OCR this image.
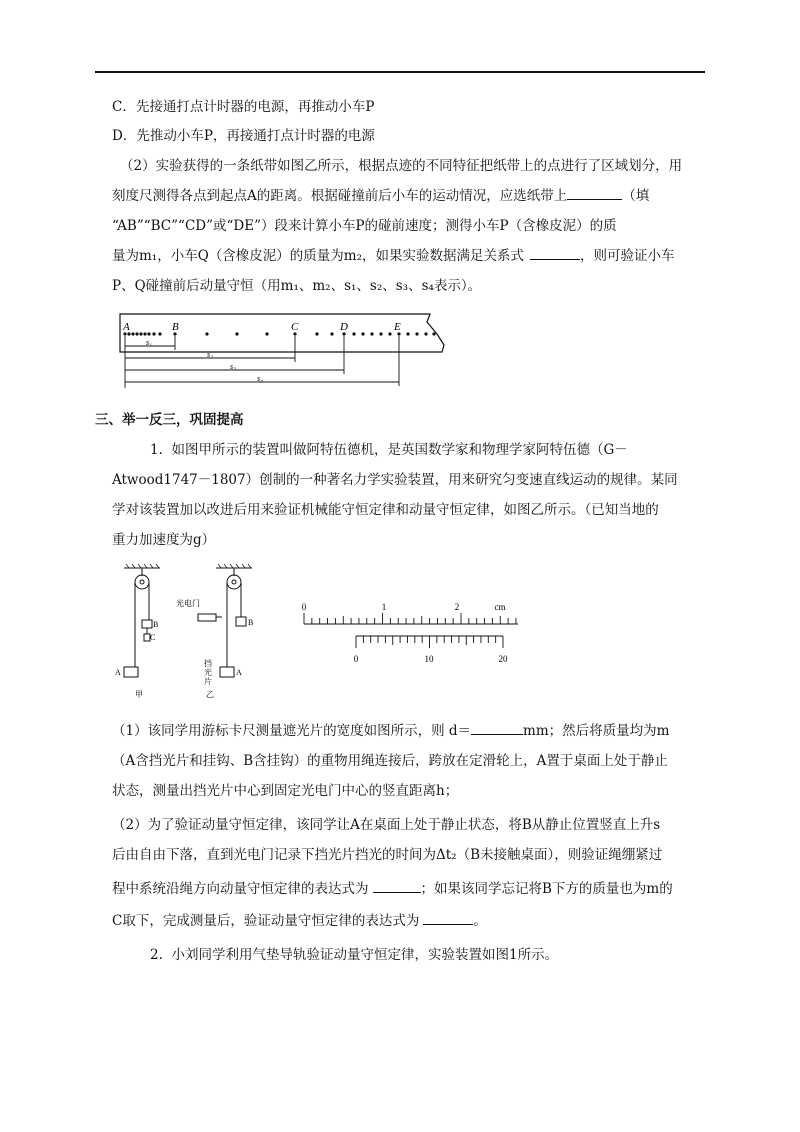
C．先接通打点计时器的电源，再推动小车P
D．先推动小车P，再接通打点计时器的电源
（2）实验获得的一条纸带如图乙所示，根据点迹的不同特征把纸带上的点进行了区域划分，用
刻度尺测得各点到起点A的距离。根据碰撞前后小车的运动情况，应选纸带上	（填
“AB”“BC”“CD”或“DE”）段来计算小车P的碰前速度；测得小车P（含橡皮泥）的质
量为m₁，小车Q（含橡皮泥）的质量为m₂，如果实验数据满足关系式	，则可验证小车
P、Q碰撞前后动量守恒（用m₁、m₂、s₁、s₂、s₃、s₄表示）。
A	B	C	D	E
s₁
s₂
s₃
s₄
三、举一反三，巩固提高
1. 如图甲所示的装置叫做阿特伍德机，是英国数学家和物理学家阿特伍德（G－
Atwood1747－1807）创制的一种著名力学实验装置，用来研究匀变速直线运动的规律。某同
学对该装置加以改进后用来验证机械能守恒定律和动量守恒定律，如图乙所示。（已知当地的
重力加速度为g）
B
C
A
甲
光电门
B
A
挡 光 片
乙
0	1	2	cm
0	10	20
（1）该同学用游标卡尺测量遮光片的宽度如图所示，则 d＝	mm；然后将质量均为m
（A含挡光片和挂钩、B含挂钩）的重物用绳连接后，跨放在定滑轮上，A置于桌面上处于静止
状态，测量出挡光片中心到固定光电门中心的竖直距离h；
（2）为了验证动量守恒定律，该同学让A在桌面上处于静止状态，将B从静止位置竖直上升s
后由自由下落，直到光电门记录下挡光片挡光的时间为Δt₂（B未接触桌面），则验证绳绷紧过
程中系统沿绳方向动量守恒定律的表达式为	；如果该同学忘记将B下方的质量也为m的
C取下，完成测量后，验证动量守恒定律的表达式为	。
2. 小刘同学利用气垫导轨验证动量守恒定律，实验装置如图1所示。
